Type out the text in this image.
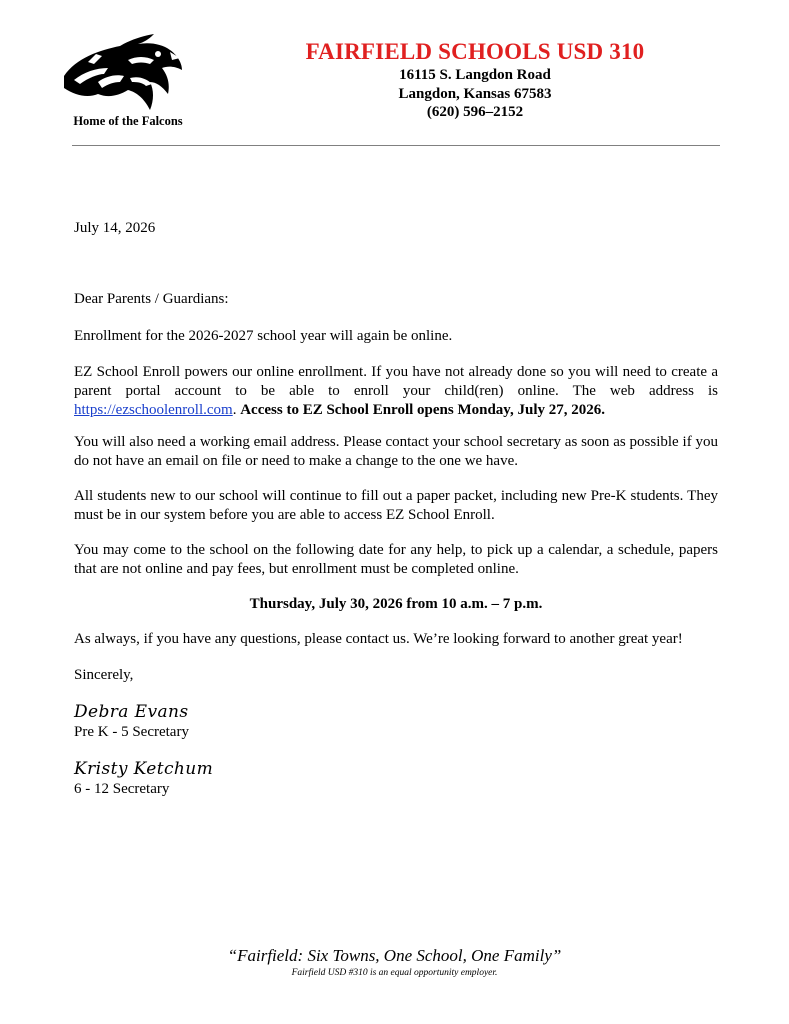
Home of the Falcons
FAIRFIELD SCHOOLS USD 310
16115 S. Langdon Road
Langdon, Kansas 67583
(620) 596–2152
July 14, 2026
Dear Parents / Guardians:
Enrollment for the 2026-2027 school year will again be online.
EZ School Enroll powers our online enrollment. If you have not already done so you will need to create a parent portal account to be able to enroll your child(ren) online. The web address is https://ezschoolenroll.com. Access to EZ School Enroll opens Monday, July 27, 2026.
You will also need a working email address. Please contact your school secretary as soon as possible if you do not have an email on file or need to make a change to the one we have.
All students new to our school will continue to fill out a paper packet, including new Pre-K students. They must be in our system before you are able to access EZ School Enroll.
You may come to the school on the following date for any help, to pick up a calendar, a schedule, papers that are not online and pay fees, but enrollment must be completed online.
Thursday, July 30, 2026 from 10 a.m. – 7 p.m.
As always, if you have any questions, please contact us. We’re looking forward to another great year!
Sincerely,
Debra Evans
Pre K - 5 Secretary
Kristy Ketchum
6 - 12 Secretary
“Fairfield: Six Towns, One School, One Family”
Fairfield USD #310 is an equal opportunity employer.
